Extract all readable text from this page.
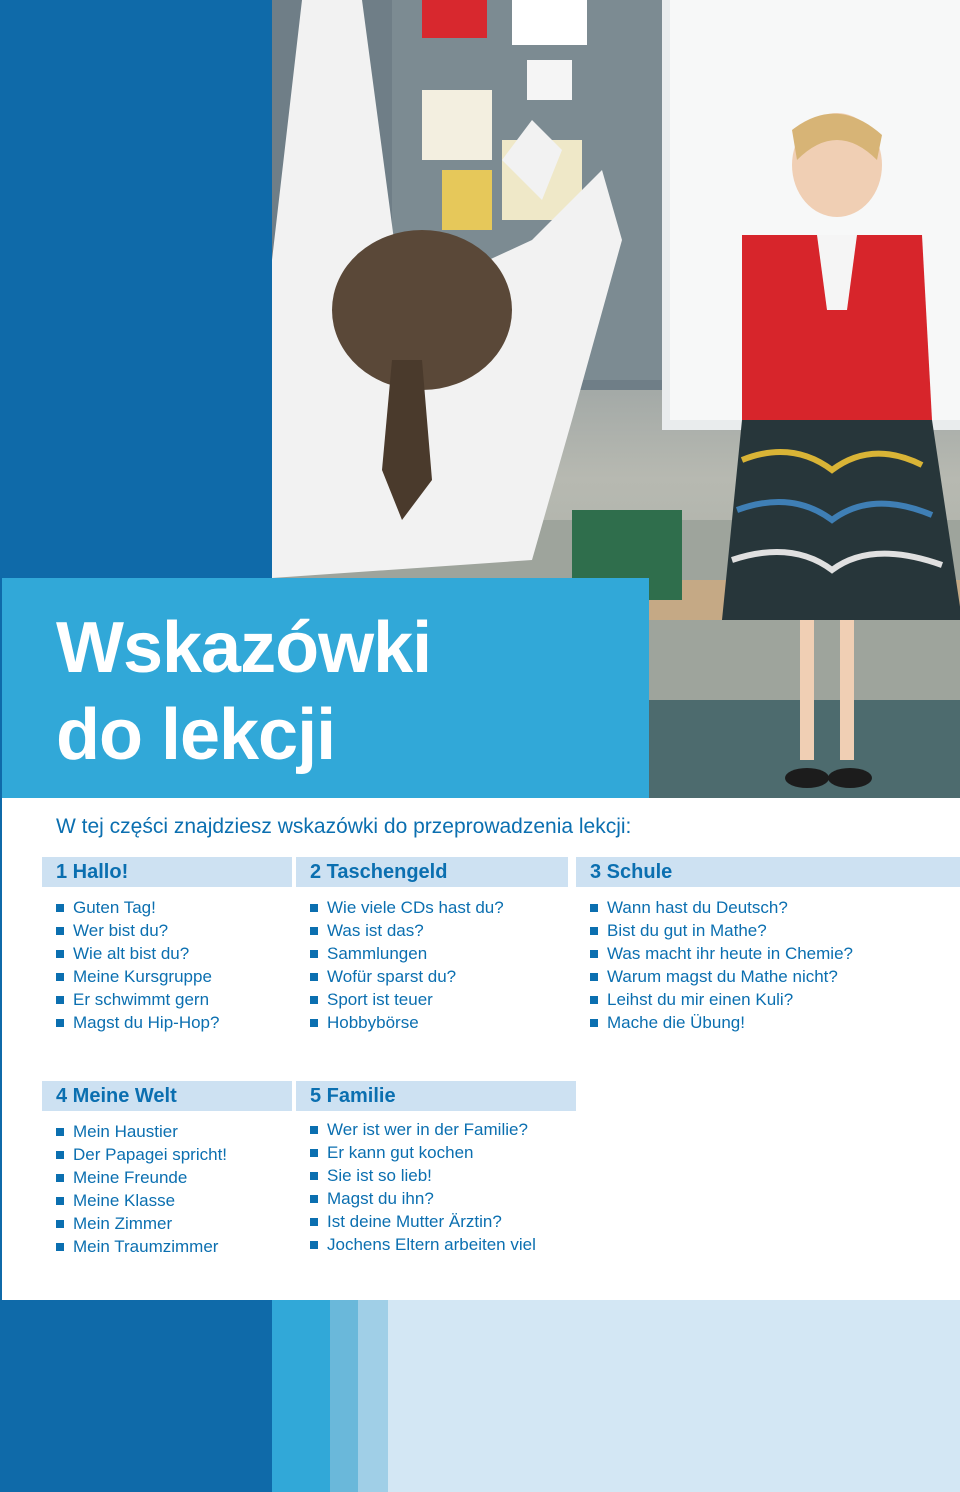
Wskazówki
do lekcji
W tej części znajdziesz wskazówki do przeprowadzenia lekcji:
1 Hallo!
Guten Tag!
Wer bist du?
Wie alt bist du?
Meine Kursgruppe
Er schwimmt gern
Magst du Hip-Hop?
2 Taschengeld
Wie viele CDs hast du?
Was ist das?
Sammlungen
Wofür sparst du?
Sport ist teuer
Hobbybörse
3 Schule
Wann hast du Deutsch?
Bist du gut in Mathe?
Was macht ihr heute in Chemie?
Warum magst du Mathe nicht?
Leihst du mir einen Kuli?
Mache die Übung!
4 Meine Welt
Mein Haustier
Der Papagei spricht!
Meine Freunde
Meine Klasse
Mein Zimmer
Mein Traumzimmer
5 Familie
Wer ist wer in der Familie?
Er kann gut kochen
Sie ist so lieb!
Magst du ihn?
Ist deine Mutter Ärztin?
Jochens Eltern arbeiten viel
